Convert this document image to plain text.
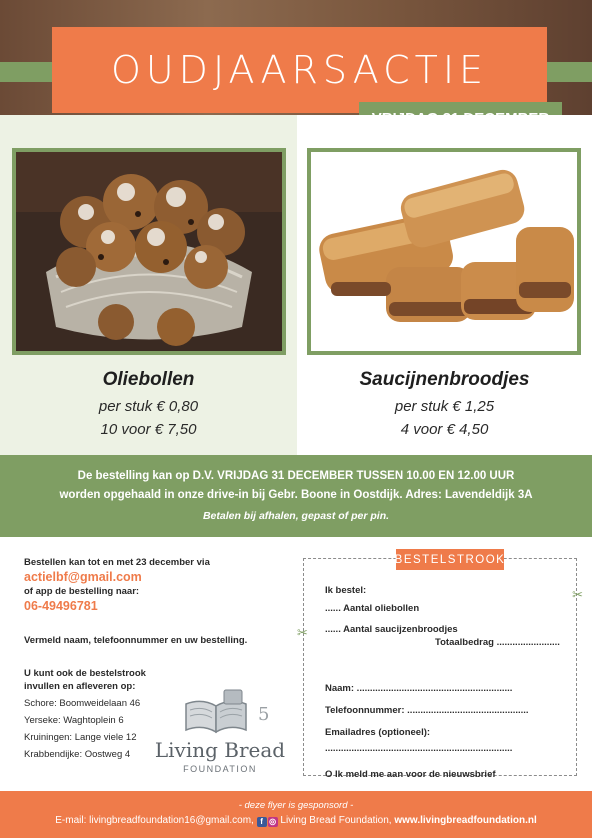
OUDJAARSACTIE
Oliebollen
per stuk € 0,80
10 voor € 7,50
Saucijnenbroodjes
per stuk € 1,25
4 voor € 4,50
De bestelling kan op D.V. VRIJDAG 31 DECEMBER TUSSEN 10.00 EN 12.00 UUR
worden opgehaald in onze drive-in bij Gebr. Boone in Oostdijk. Adres: Lavendeldijk 3A
Betalen bij afhalen, gepast of per pin.
Bestellen kan tot en met 23 december via
actielbf@gmail.com
of app de bestelling naar:
06-49496781
Vermeld naam, telefoonnummer en uw bestelling.
U kunt ook de bestelstrook
invullen en afleveren op:
Schore: Boomweidelaan 46
Yerseke: Waghtoplein 6
Kruiningen: Lange viele 12
Krabbendijke: Oostweg 4
5
Living Bread
FOUNDATION
BESTELSTROOK
✂
✂
Ik bestel:
...... Aantal oliebollen
...... Aantal saucijzenbroodjes
Totaalbedrag ........................
Naam: ...........................................................
Telefoonnummer: ..............................................
Emailadres (optioneel):
.......................................................................
O Ik meld me aan voor de nieuwsbrief
- deze flyer is gesponsord -
E-mail: livingbreadfoundation16@gmail.com, f ◎ Living Bread Foundation, www.livingbreadfoundation.nl
